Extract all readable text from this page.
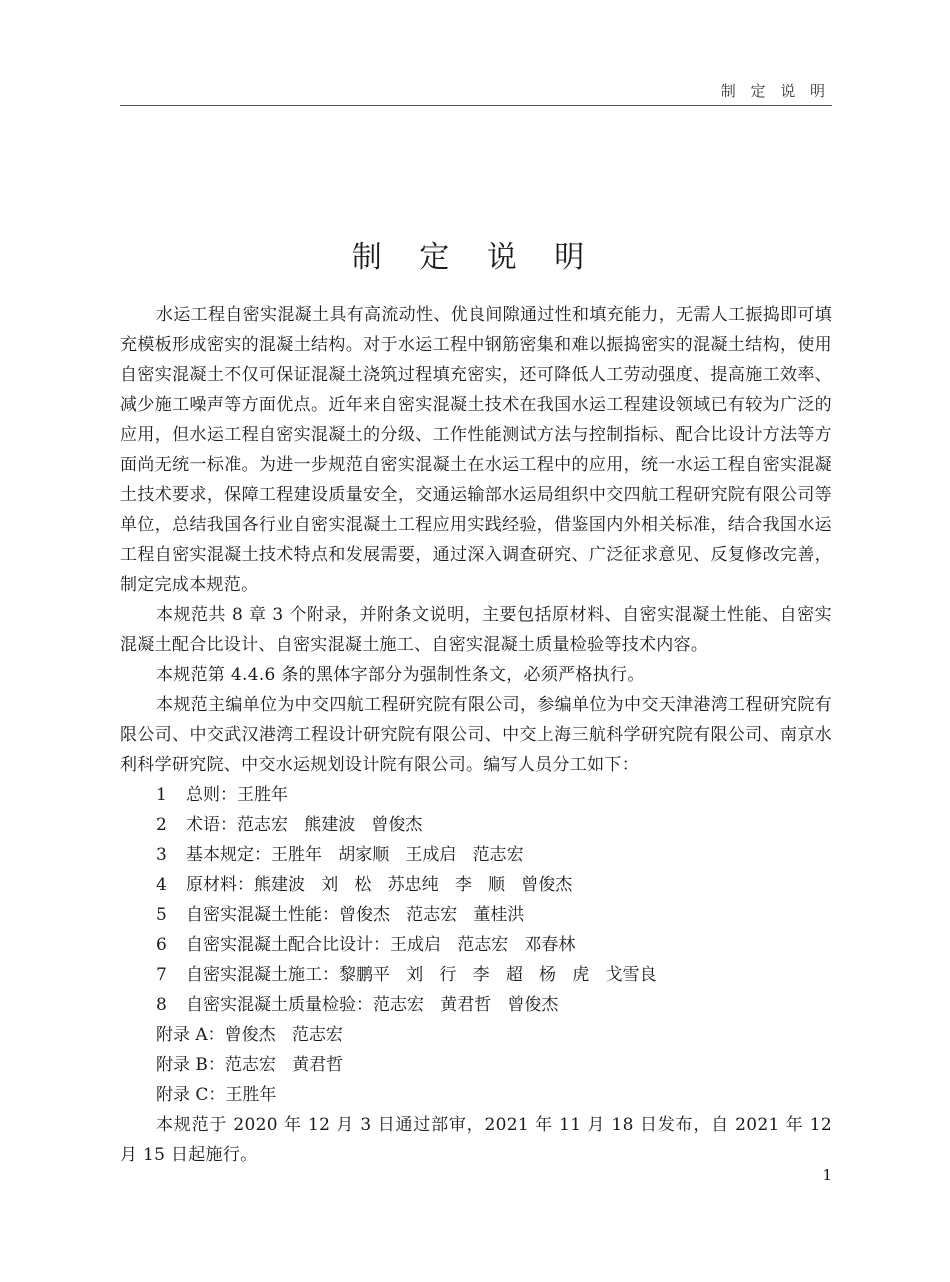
制 定 说 明
制 定 说 明

水运工程自密实混凝土具有高流动性、优良间隙通过性和填充能力，无需人工振捣即可填充模板形成密实的混凝土结构。对于水运工程中钢筋密集和难以振捣密实的混凝土结构，使用自密实混凝土不仅可保证混凝土浇筑过程填充密实，还可降低人工劳动强度、提高施工效率、减少施工噪声等方面优点。近年来自密实混凝土技术在我国水运工程建设领域已有较为广泛的应用，但水运工程自密实混凝土的分级、工作性能测试方法与控制指标、配合比设计方法等方面尚无统一标准。为进一步规范自密实混凝土在水运工程中的应用，统一水运工程自密实混凝土技术要求，保障工程建设质量安全，交通运输部水运局组织中交四航工程研究院有限公司等单位，总结我国各行业自密实混凝土工程应用实践经验，借鉴国内外相关标准，结合我国水运工程自密实混凝土技术特点和发展需要，通过深入调查研究、广泛征求意见、反复修改完善，制定完成本规范。

本规范共 8 章 3 个附录，并附条文说明，主要包括原材料、自密实混凝土性能、自密实混凝土配合比设计、自密实混凝土施工、自密实混凝土质量检验等技术内容。

本规范第 4.4.6 条的黑体字部分为强制性条文，必须严格执行。

本规范主编单位为中交四航工程研究院有限公司，参编单位为中交天津港湾工程研究院有限公司、中交武汉港湾工程设计研究院有限公司、中交上海三航科学研究院有限公司、南京水利科学研究院、中交水运规划设计院有限公司。编写人员分工如下：

1 总则：王胜年
2 术语：范志宏   熊建波   曾俊杰
3 基本规定：王胜年   胡家顺   王成启   范志宏
4 原材料：熊建波   刘   松   苏忠纯   李   顺   曾俊杰
5 自密实混凝土性能：曾俊杰   范志宏   董桂洪
6 自密实混凝土配合比设计：王成启   范志宏   邓春林
7 自密实混凝土施工：黎鹏平   刘   行   李   超   杨   虎   戈雪良
8 自密实混凝土质量检验：范志宏   黄君哲   曾俊杰
附录 A：曾俊杰   范志宏
附录 B：范志宏   黄君哲
附录 C：王胜年

本规范于 2020 年 12 月 3 日通过部审，2021 年 11 月 18 日发布，自 2021 年 12 月 15 日起施行。

1
